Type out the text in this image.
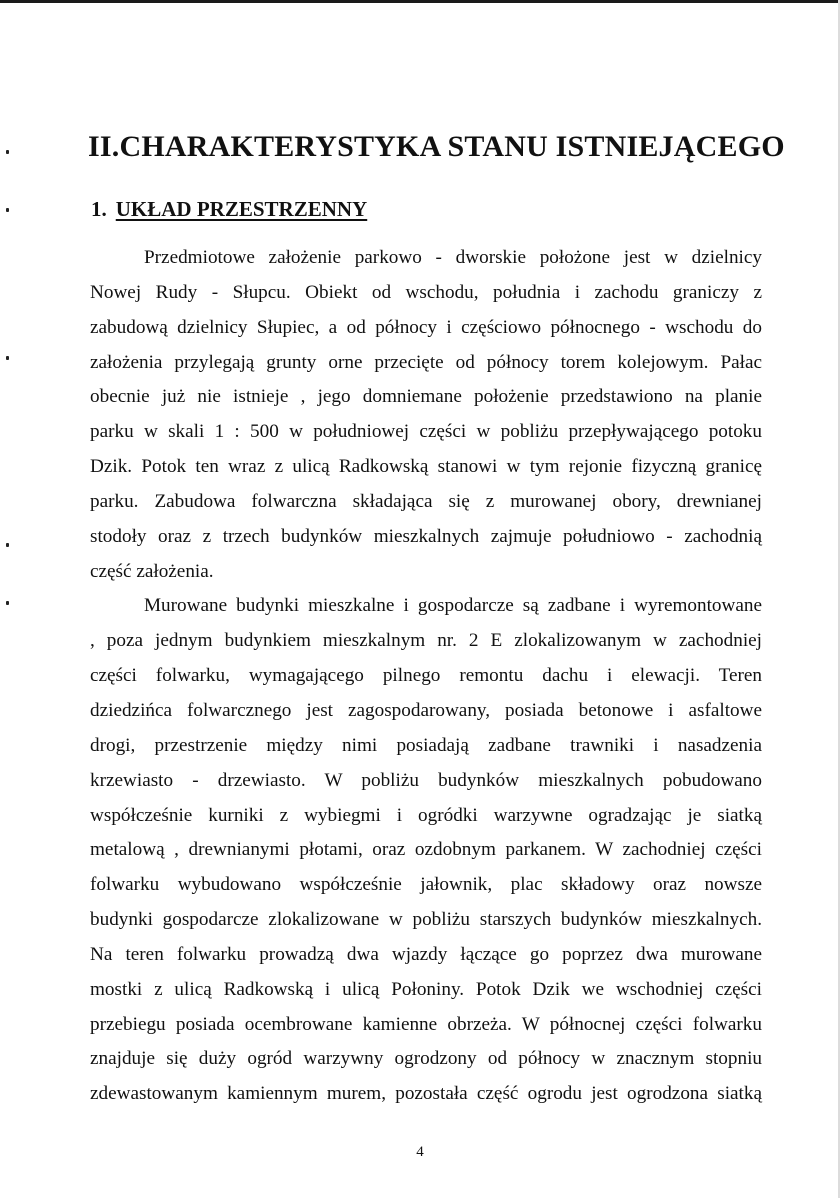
II.CHARAKTERYSTYKA STANU ISTNIEJĄCEGO
1. UKŁAD PRZESTRZENNY
Przedmiotowe założenie parkowo - dworskie położone jest w dzielnicy
Nowej Rudy - Słupcu. Obiekt od wschodu, południa i zachodu graniczy z
zabudową dzielnicy Słupiec, a od północy i częściowo północnego - wschodu do
założenia przylegają grunty orne przecięte od północy torem kolejowym. Pałac
obecnie już nie istnieje , jego domniemane położenie przedstawiono na planie
parku w skali 1 : 500 w południowej części w pobliżu przepływającego potoku
Dzik. Potok ten wraz z ulicą Radkowską stanowi w tym rejonie fizyczną granicę
parku. Zabudowa folwarczna składająca się z murowanej obory, drewnianej
stodoły oraz z trzech budynków mieszkalnych zajmuje południowo - zachodnią
część założenia.
Murowane budynki mieszkalne i gospodarcze są zadbane i wyremontowane
, poza jednym budynkiem mieszkalnym nr. 2 E zlokalizowanym w zachodniej
części folwarku, wymagającego pilnego remontu dachu i elewacji. Teren
dziedzińca folwarcznego jest zagospodarowany, posiada betonowe i asfaltowe
drogi, przestrzenie między nimi posiadają zadbane trawniki i nasadzenia
krzewiasto - drzewiasto. W pobliżu budynków mieszkalnych pobudowano
współcześnie kurniki z wybiegmi i ogródki warzywne ogradzając je siatką
metalową , drewnianymi płotami, oraz ozdobnym parkanem. W zachodniej części
folwarku wybudowano współcześnie jałownik, plac składowy oraz nowsze
budynki gospodarcze zlokalizowane w pobliżu starszych budynków mieszkalnych.
Na teren folwarku prowadzą dwa wjazdy łączące go poprzez dwa murowane
mostki z ulicą Radkowską i ulicą Połoniny. Potok Dzik we wschodniej części
przebiegu posiada ocembrowane kamienne obrzeża. W północnej części folwarku
znajduje się duży ogród warzywny ogrodzony od północy w znacznym stopniu
zdewastowanym kamiennym murem, pozostała część ogrodu jest ogrodzona siatką
4
